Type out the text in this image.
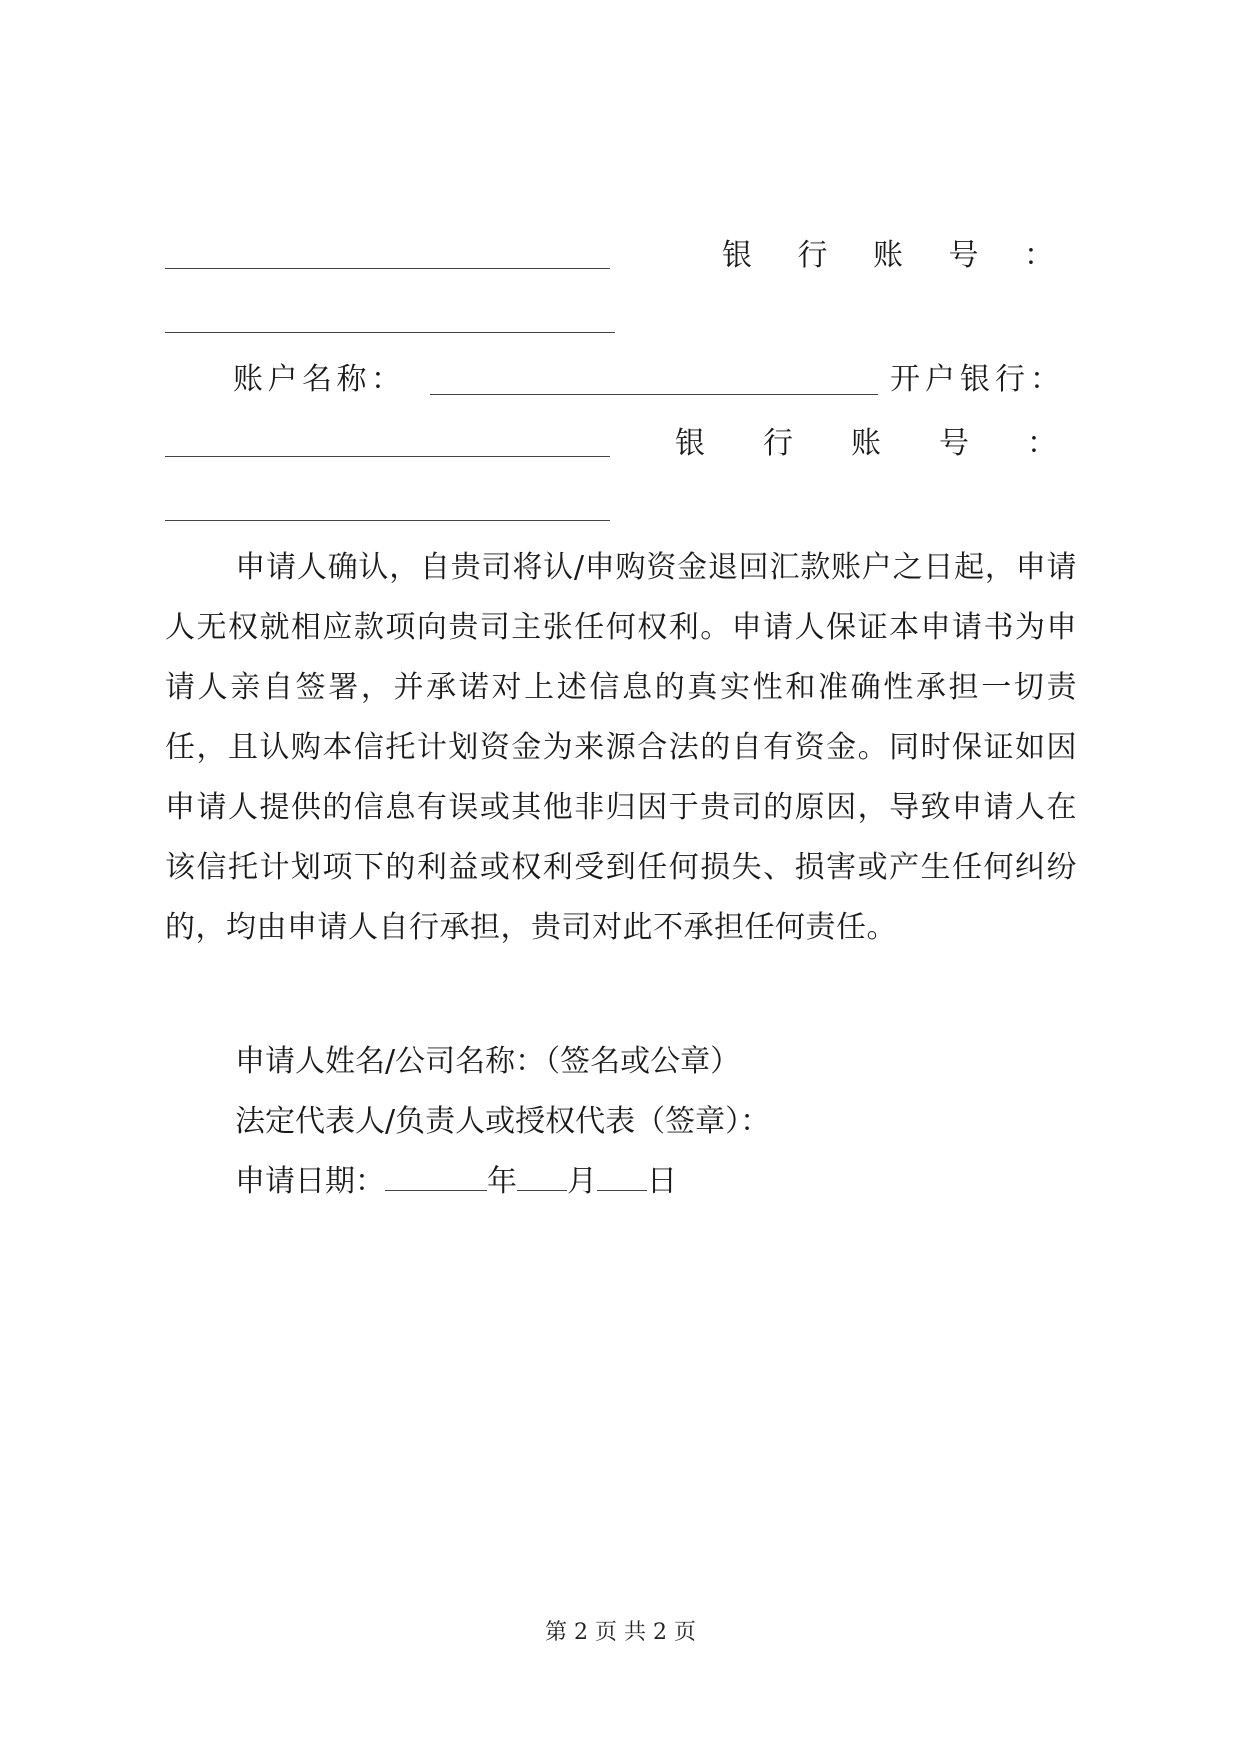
银 行 账 号 ：
账 户 名 称 ：	开 户 银 行 ：
银 行 账 号 ：
申请人确认，自贵司将认/申购资金退回汇款账户之日起，申请人无权就相应款项向贵司主张任何权利。申请人保证本申请书为申请人亲自签署，并承诺对上述信息的真实性和准确性承担一切责任，且认购本信托计划资金为来源合法的自有资金。同时保证如因申请人提供的信息有误或其他非归因于贵司的原因，导致申请人在该信托计划项下的利益或权利受到任何损失、损害或产生任何纠纷的，均由申请人自行承担，贵司对此不承担任何责任。
申请人姓名/公司名称：（签名或公章）
法定代表人/负责人或授权代表（签章）：
申请日期：	年 月 日
第 2 页 共 2 页
